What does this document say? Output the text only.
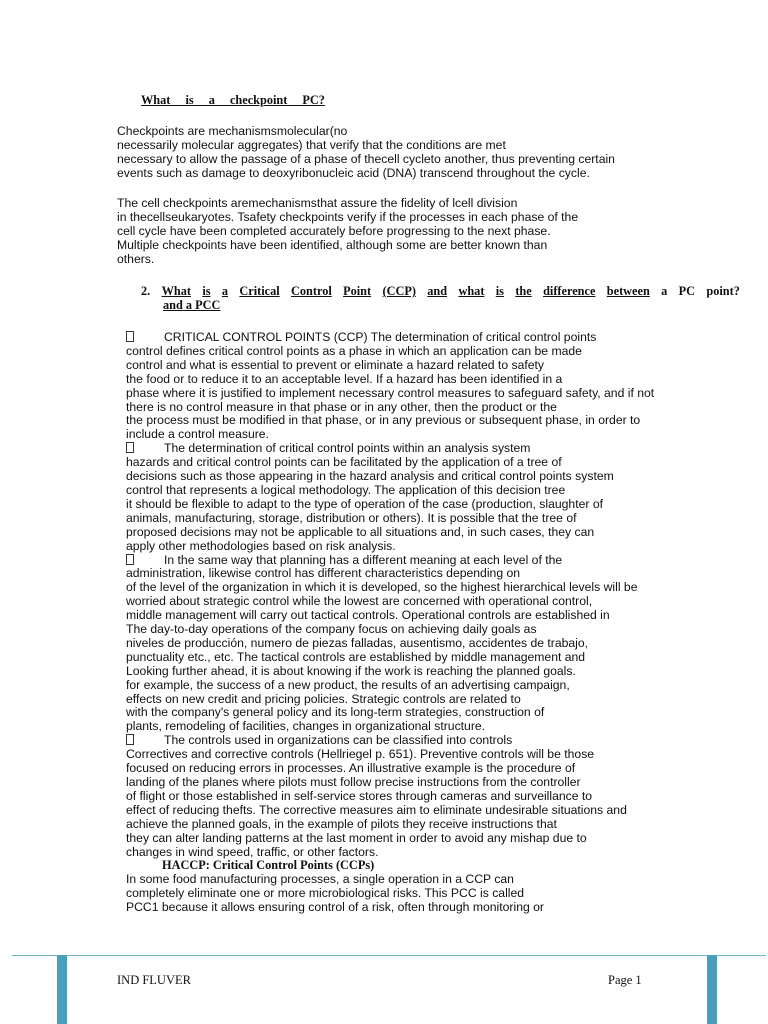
What is a checkpoint PC?
Checkpoints are mechanismsmolecular(no
necessarily molecular aggregates) that verify that the conditions are met
necessary to allow the passage of a phase of thecell cycleto another, thus preventing certain
events such as damage to deoxyribonucleic acid (DNA) transcend throughout the cycle.
The cell checkpoints aremechanismsthat assure the fidelity of lcell division
in thecellseukaryotes. Tsafety checkpoints verify if the processes in each phase of the
cell cycle have been completed accurately before progressing to the next phase.
Multiple checkpoints have been identified, although some are better known than
others.
2. What is a Critical Control Point (CCP) and what is the difference between a PC point?
and a PCC
CRITICAL CONTROL POINTS (CCP) The determination of critical control points
control defines critical control points as a phase in which an application can be made
control and what is essential to prevent or eliminate a hazard related to safety
the food or to reduce it to an acceptable level. If a hazard has been identified in a
phase where it is justified to implement necessary control measures to safeguard safety, and if not
there is no control measure in that phase or in any other, then the product or the
the process must be modified in that phase, or in any previous or subsequent phase, in order to
include a control measure.
The determination of critical control points within an analysis system
hazards and critical control points can be facilitated by the application of a tree of
decisions such as those appearing in the hazard analysis and critical control points system
control that represents a logical methodology. The application of this decision tree
it should be flexible to adapt to the type of operation of the case (production, slaughter of
animals, manufacturing, storage, distribution or others). It is possible that the tree of
proposed decisions may not be applicable to all situations and, in such cases, they can
apply other methodologies based on risk analysis.
In the same way that planning has a different meaning at each level of the
administration, likewise control has different characteristics depending on
of the level of the organization in which it is developed, so the highest hierarchical levels will be
worried about strategic control while the lowest are concerned with operational control,
middle management will carry out tactical controls. Operational controls are established in
The day-to-day operations of the company focus on achieving daily goals as
niveles de producción, numero de piezas falladas, ausentismo, accidentes de trabajo,
punctuality etc., etc. The tactical controls are established by middle management and
Looking further ahead, it is about knowing if the work is reaching the planned goals.
for example, the success of a new product, the results of an advertising campaign,
effects on new credit and pricing policies. Strategic controls are related to
with the company's general policy and its long-term strategies, construction of
plants, remodeling of facilities, changes in organizational structure.
The controls used in organizations can be classified into controls
Correctives and corrective controls (Hellriegel p. 651). Preventive controls will be those
focused on reducing errors in processes. An illustrative example is the procedure of
landing of the planes where pilots must follow precise instructions from the controller
of flight or those established in self-service stores through cameras and surveillance to
effect of reducing thefts. The corrective measures aim to eliminate undesirable situations and
achieve the planned goals, in the example of pilots they receive instructions that
they can alter landing patterns at the last moment in order to avoid any mishap due to
changes in wind speed, traffic, or other factors.
HACCP: Critical Control Points (CCPs)
In some food manufacturing processes, a single operation in a CCP can
completely eliminate one or more microbiological risks. This PCC is called
PCC1 because it allows ensuring control of a risk, often through monitoring or
IND FLUVER	Page 1
